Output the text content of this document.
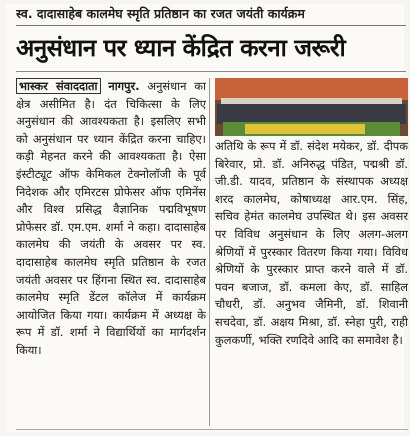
स्व. दादासाहेब कालमेघ स्मृति प्रतिष्ठान का रजत जयंती कार्यक्रम
अनुसंधान पर ध्यान केंद्रित करना जरूरी
भास्कर संवाददाता नागपुर. अनुसंधान का क्षेत्र असीमित है। दंत चिकित्सा के लिए अनुसंधान की आवश्यकता है। इसलिए सभी को अनुसंधान पर ध्यान केंद्रित करना चाहिए। कड़ी मेहनत करने की आवश्यकता है। ऐसा इंस्टीट्यूट ऑफ केमिकल टेक्नोलॉजी के पूर्व निदेशक और एमिरटस प्रोफेसर ऑफ एमिनेंस और विश्व प्रसिद्ध वैज्ञानिक पद्मविभूषण प्रोफेसर डॉ. एम.एम. शर्मा ने कहा। दादासाहेब कालमेघ की जयंती के अवसर पर स्व. दादासाहेब कालमेघ स्मृति प्रतिष्ठान के रजत जयंती अवसर पर हिंगना स्थित स्व. दादासाहेब कालमेघ स्मृति डेंटल कॉलेज में कार्यक्रम आयोजित किया गया। कार्यक्रम में अध्यक्ष के रूप में डॉ. शर्मा ने विद्यार्थियों का मार्गदर्शन किया।
अतिथि के रूप में डॉ. संदेश मयेकर, डॉ. दीपक बिरेवार, प्रो. डॉ. अनिरुद्ध पंडित, पद्मश्री डॉ. जी.डी. यादव, प्रतिष्ठान के संस्थापक अध्यक्ष शरद कालमेघ, कोषाध्यक्ष आर.एम. सिंह, सचिव हेमंत कालमेघ उपस्थित थे। इस अवसर पर विविध अनुसंधान के लिए अलग-अलग श्रेणियों में पुरस्कार वितरण किया गया। विविध श्रेणियों के पुरस्कार प्राप्त करने वाले में डॉ. पवन बजाज, डॉ. कमला केए, डॉ. साहिल चौधरी, डॉ. अनुभव जैमिनी, डॉ. शिवानी सचदेवा, डॉ. अक्षय मिश्रा, डॉ. स्नेहा पुरी, राही कुलकर्णी, भक्ति रणदिवे आदि का समावेश है।
